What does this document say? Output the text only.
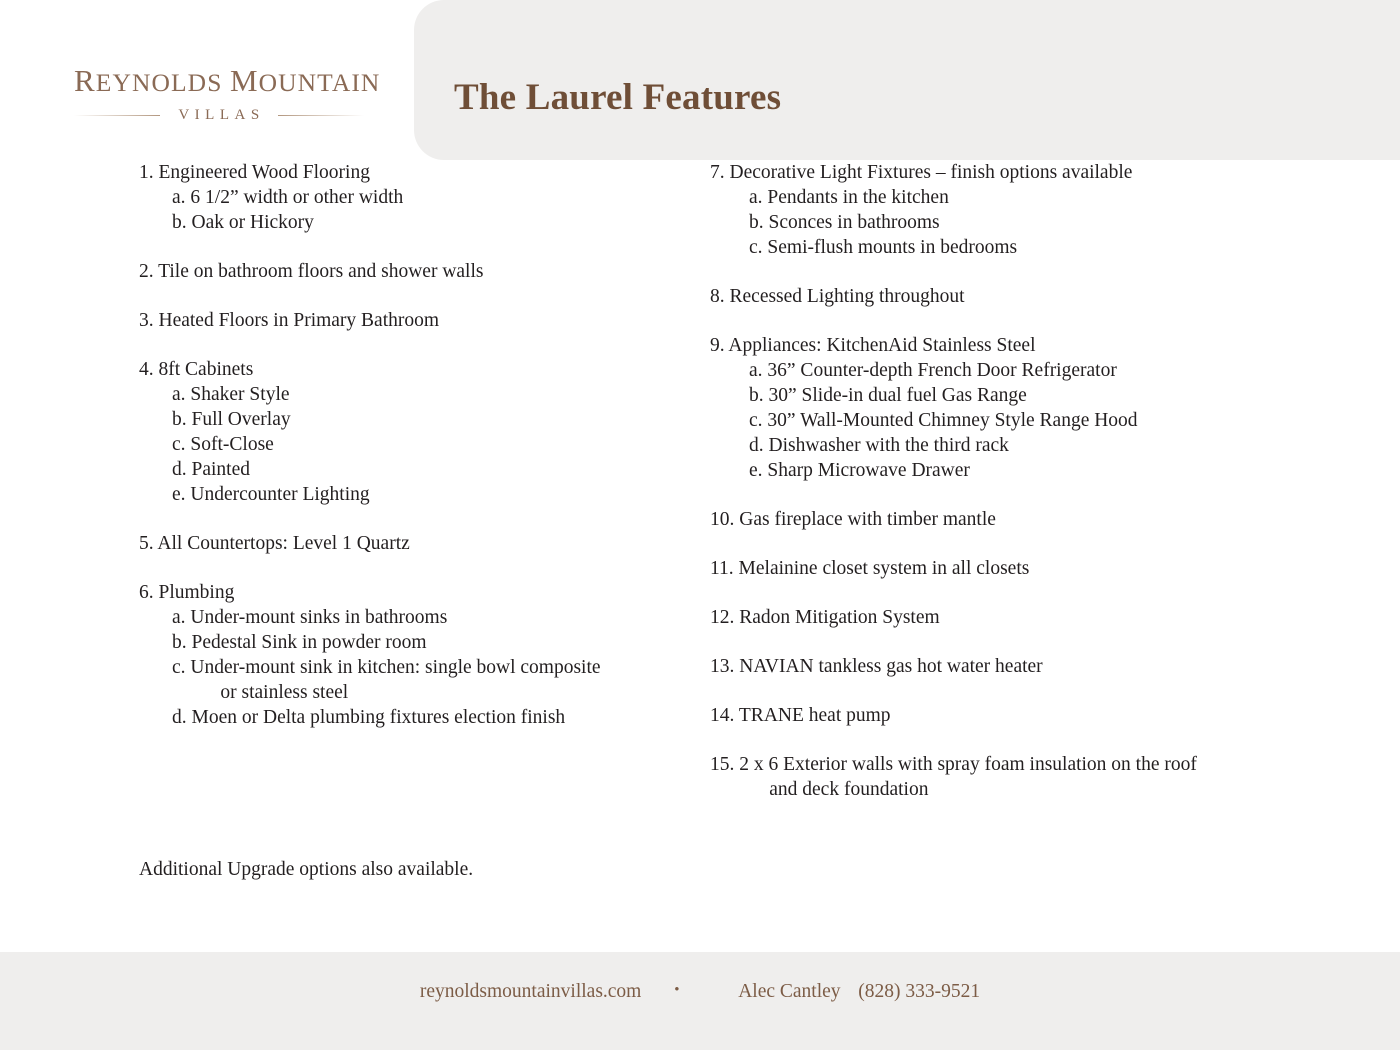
REYNOLDS MOUNTAIN
VILLAS	The Laurel Features
1. Engineered Wood Flooring
a. 6 1/2” width or other width
b. Oak or Hickory
2. Tile on bathroom floors and shower walls
3. Heated Floors in Primary Bathroom
4. 8ft Cabinets
a. Shaker Style
b. Full Overlay
c. Soft-Close
d. Painted
e. Undercounter Lighting
5. All Countertops: Level 1 Quartz
6. Plumbing
a. Under-mount sinks in bathrooms
b. Pedestal Sink in powder room
c. Under-mount sink in kitchen: single bowl composite
or stainless steel
d. Moen or Delta plumbing fixtures election finish
7. Decorative Light Fixtures – finish options available
a. Pendants in the kitchen
b. Sconces in bathrooms
c. Semi-flush mounts in bedrooms
8. Recessed Lighting throughout
9. Appliances: KitchenAid Stainless Steel
a. 36” Counter-depth French Door Refrigerator
b. 30” Slide-in dual fuel Gas Range
c. 30” Wall-Mounted Chimney Style Range Hood
d. Dishwasher with the third rack
e. Sharp Microwave Drawer
10. Gas fireplace with timber mantle
11. Melainine closet system in all closets
12. Radon Mitigation System
13. NAVIAN tankless gas hot water heater
14. TRANE heat pump
15. 2 x 6 Exterior walls with spray foam insulation on the roof
and deck foundation
Additional Upgrade options also available.
reynoldsmountainvillas.com •	Alec Cantley (828) 333-9521
